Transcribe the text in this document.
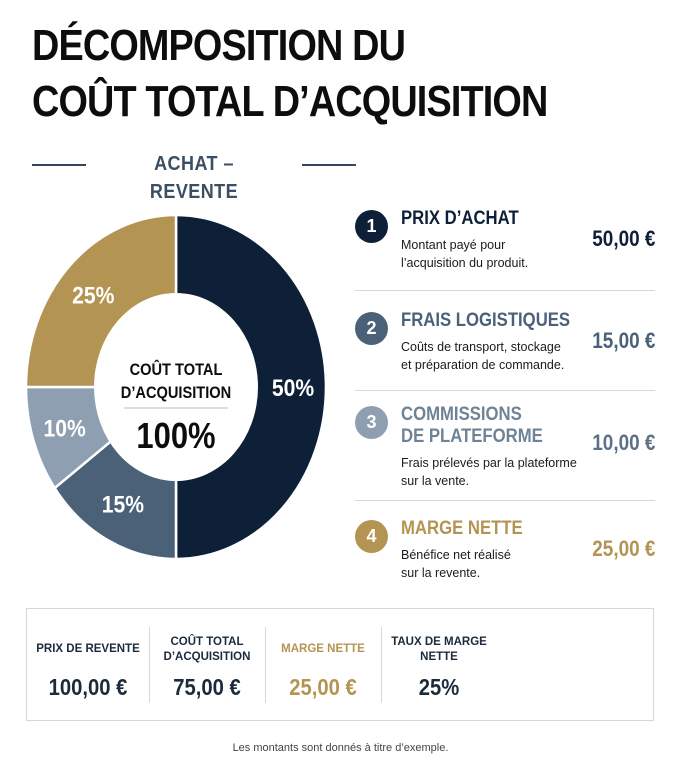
DÉCOMPOSITION DU
COÛT TOTAL D’ACQUISITION
ACHAT – REVENTE
50%
15%
10%
25%
COÛT TOTAL
D’ACQUISITION
100%
1	PRIX D’ACHAT
Montant payé pour
l’acquisition du produit.
50,00 €
2	FRAIS LOGISTIQUES
Coûts de transport, stockage
et préparation de commande.
15,00 €
3	COMMISSIONS
DE PLATEFORME
Frais prélevés par la plateforme
sur la vente.
10,00 €
4	MARGE NETTE
Bénéfice net réalisé
sur la revente.
25,00 €
PRIX DE REVENTE
100,00 €
COÛT TOTAL
D’ACQUISITION
75,00 €
MARGE NETTE
25,00 €
TAUX DE MARGE
NETTE
25%
Les montants sont donnés à titre d’exemple.
